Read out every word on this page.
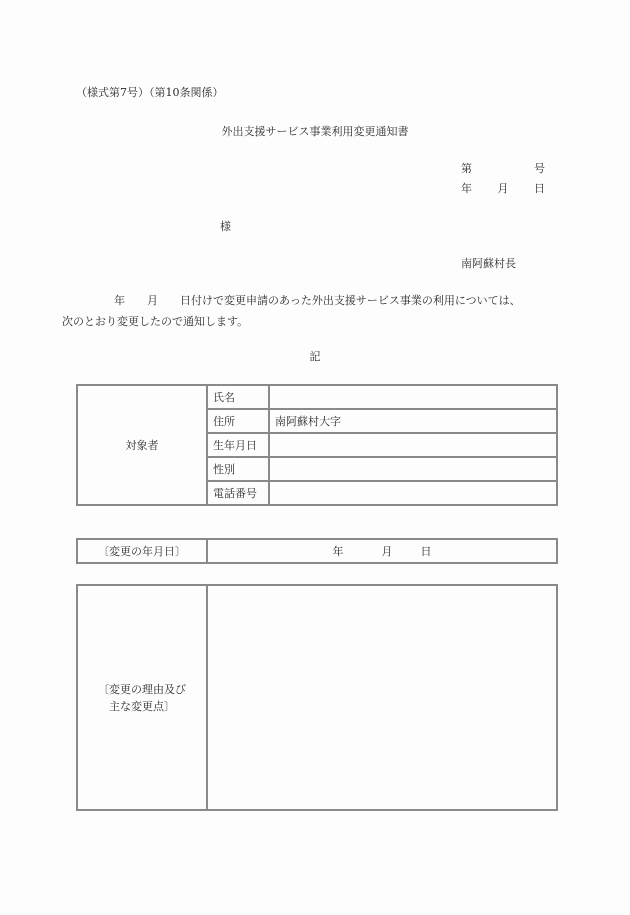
（様式第7号）（第10条関係）
外出支援サービス事業利用変更通知書
第	号
年 月 日
様
南阿蘇村長
年 月 日付けで変更申請のあった外出支援サービス事業の利用については、
次のとおり変更したので通知します。
記
対象者	氏名	
	住所	南阿蘇村大字
	生年月日	
	性別	
	電話番号	
〔変更の年月日〕	年	月	日
〔変更の理由及び
主な変更点〕
